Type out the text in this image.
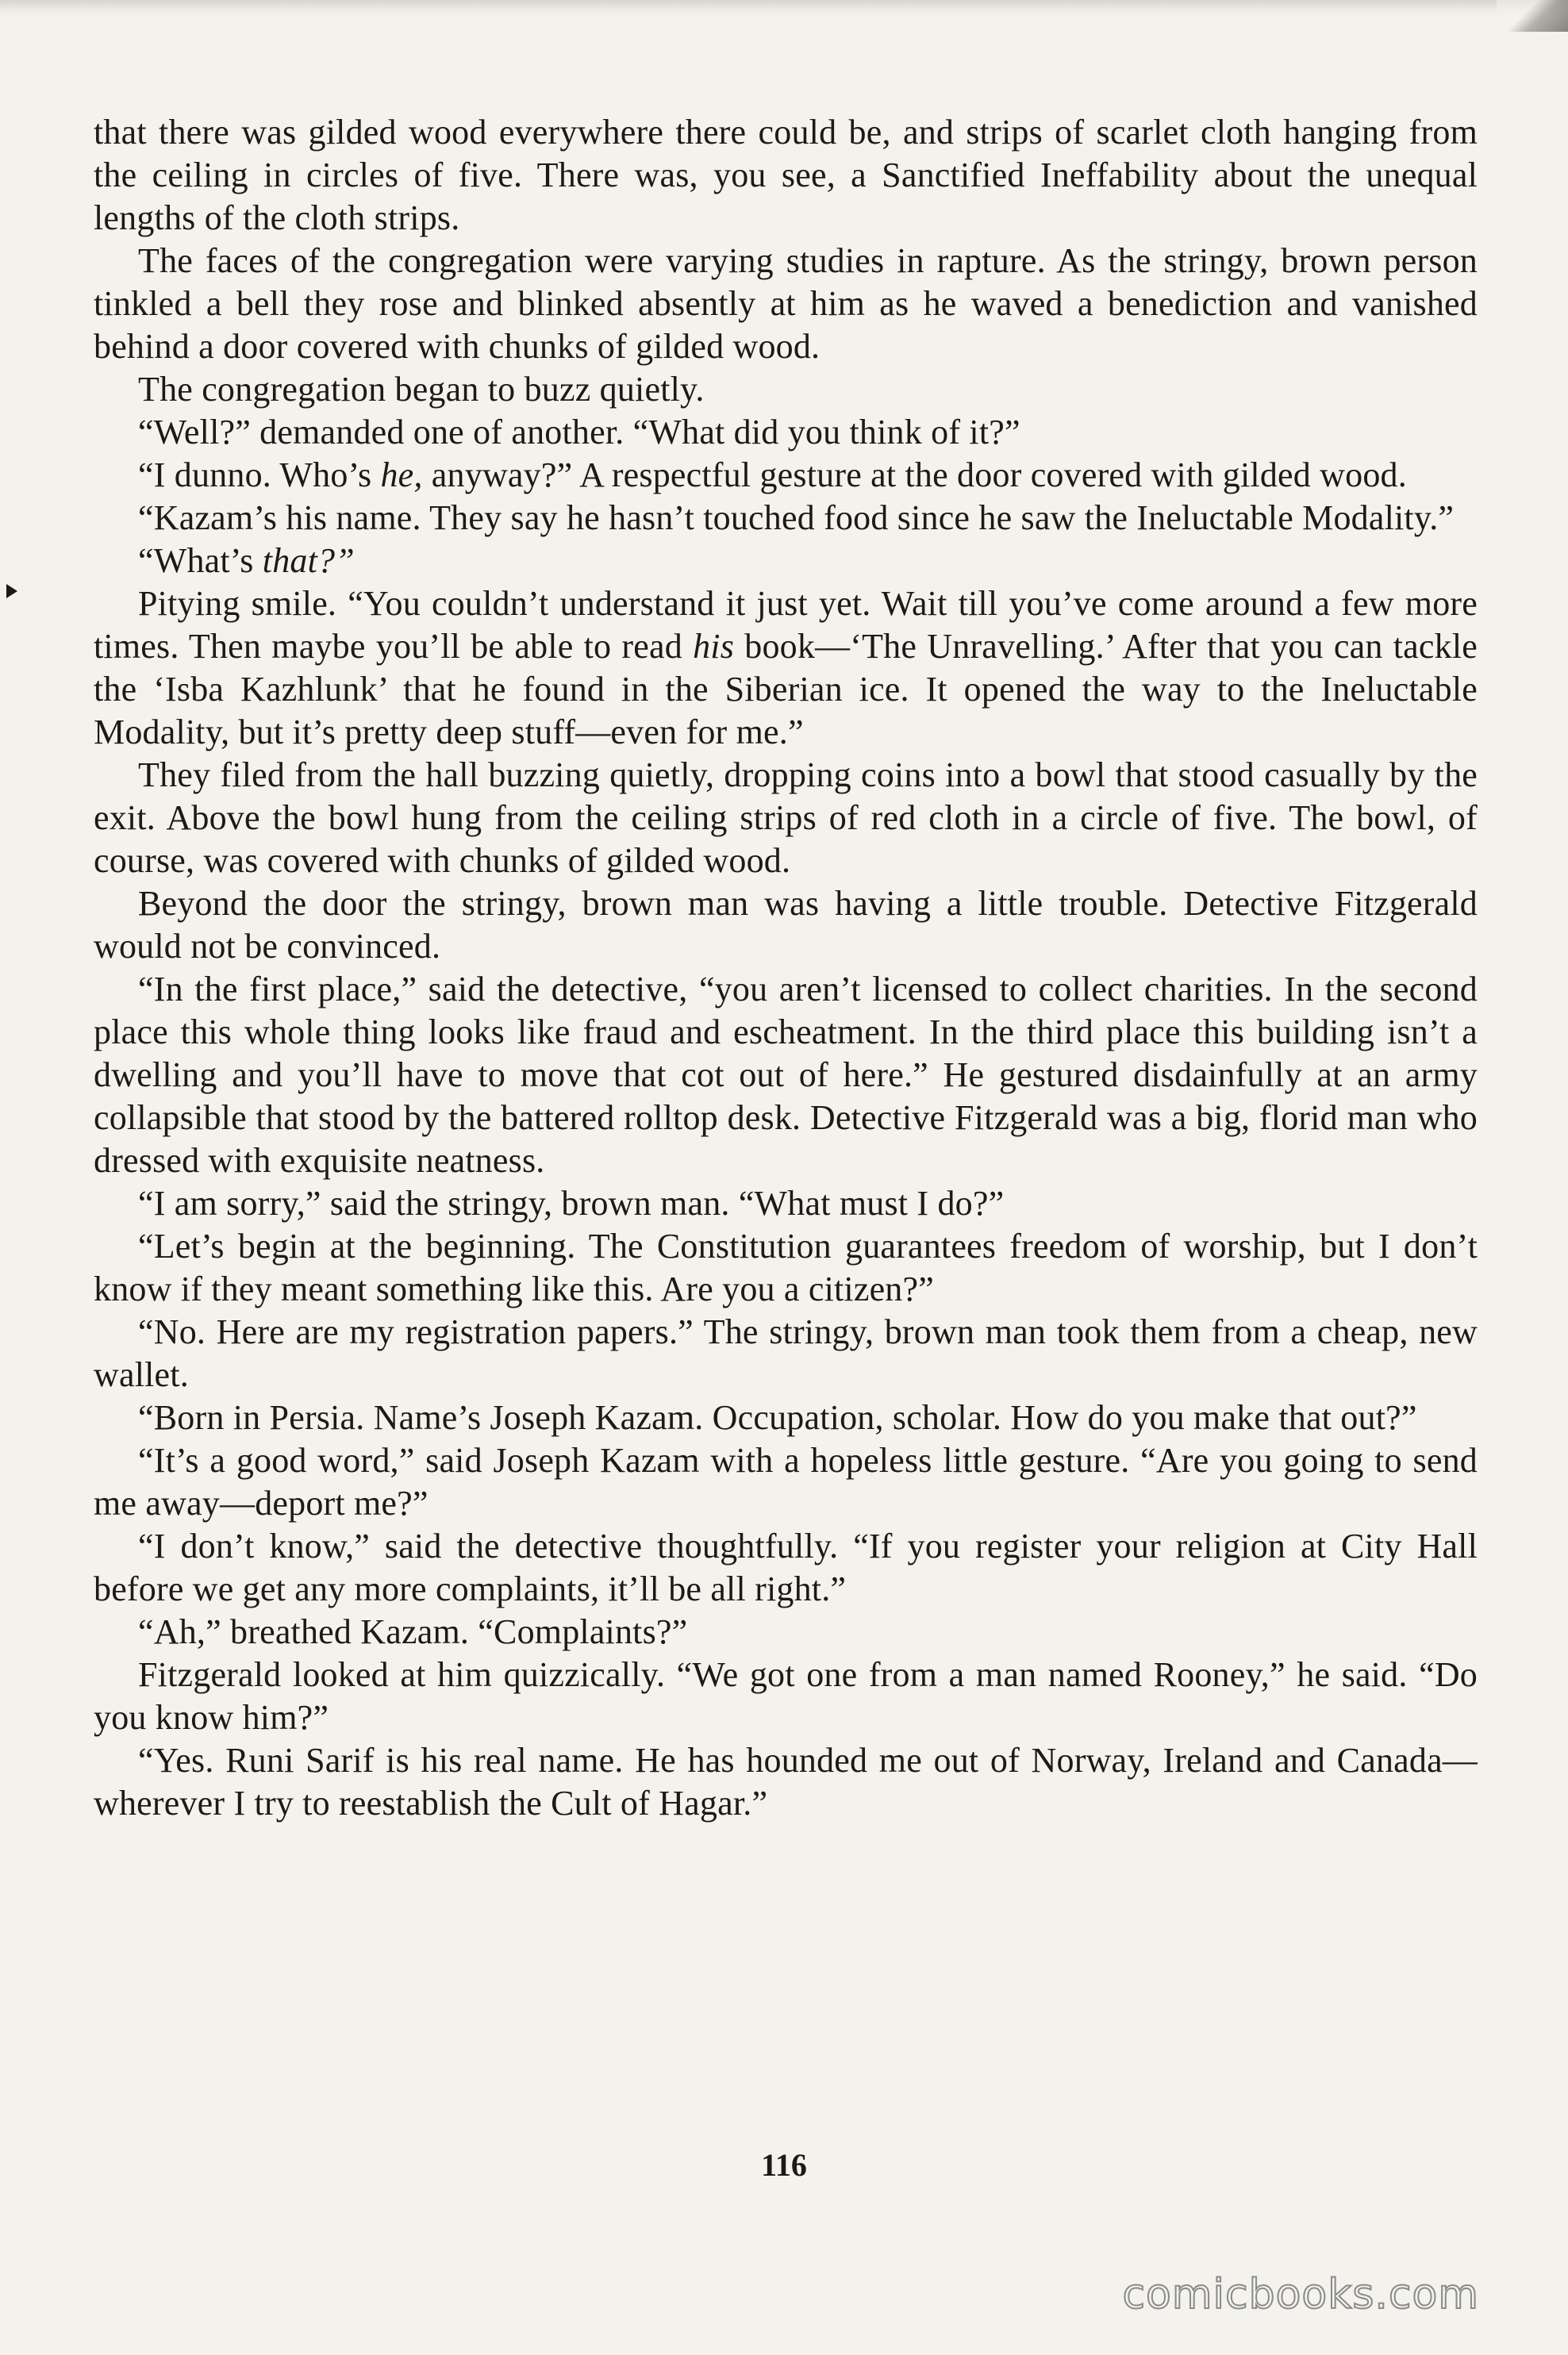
that there was gilded wood everywhere there could be, and strips of scarlet cloth hanging from the ceiling in circles of five. There was, you see, a Sanctified Ineffability about the unequal lengths of the cloth strips.

The faces of the congregation were varying studies in rapture. As the stringy, brown person tinkled a bell they rose and blinked absently at him as he waved a benediction and vanished behind a door covered with chunks of gilded wood.

The congregation began to buzz quietly.

“Well?” demanded one of another. “What did you think of it?”

“I dunno. Who’s he, anyway?” A respectful gesture at the door covered with gilded wood.

“Kazam’s his name. They say he hasn’t touched food since he saw the Ineluctable Modality.”

“What’s that?”

Pitying smile. “You couldn’t understand it just yet. Wait till you’ve come around a few more times. Then maybe you’ll be able to read his book—‘The Unravelling.’ After that you can tackle the ‘Isba Kazhlunk’ that he found in the Siberian ice. It opened the way to the Ineluctable Modality, but it’s pretty deep stuff—even for me.”

They filed from the hall buzzing quietly, dropping coins into a bowl that stood casually by the exit. Above the bowl hung from the ceiling strips of red cloth in a circle of five. The bowl, of course, was covered with chunks of gilded wood.

Beyond the door the stringy, brown man was having a little trouble. Detective Fitzgerald would not be convinced.

“In the first place,” said the detective, “you aren’t licensed to collect charities. In the second place this whole thing looks like fraud and escheatment. In the third place this building isn’t a dwelling and you’ll have to move that cot out of here.” He gestured disdainfully at an army collapsible that stood by the battered rolltop desk. Detective Fitzgerald was a big, florid man who dressed with exquisite neatness.

“I am sorry,” said the stringy, brown man. “What must I do?”

“Let’s begin at the beginning. The Constitution guarantees freedom of worship, but I don’t know if they meant something like this. Are you a citizen?”

“No. Here are my registration papers.” The stringy, brown man took them from a cheap, new wallet.

“Born in Persia. Name’s Joseph Kazam. Occupation, scholar. How do you make that out?”

“It’s a good word,” said Joseph Kazam with a hopeless little gesture. “Are you going to send me away—deport me?”

“I don’t know,” said the detective thoughtfully. “If you register your religion at City Hall before we get any more complaints, it’ll be all right.”

“Ah,” breathed Kazam. “Complaints?”

Fitzgerald looked at him quizzically. “We got one from a man named Rooney,” he said. “Do you know him?”

“Yes. Runi Sarif is his real name. He has hounded me out of Norway, Ireland and Canada—wherever I try to reestablish the Cult of Hagar.”

116
comicbooks.com
